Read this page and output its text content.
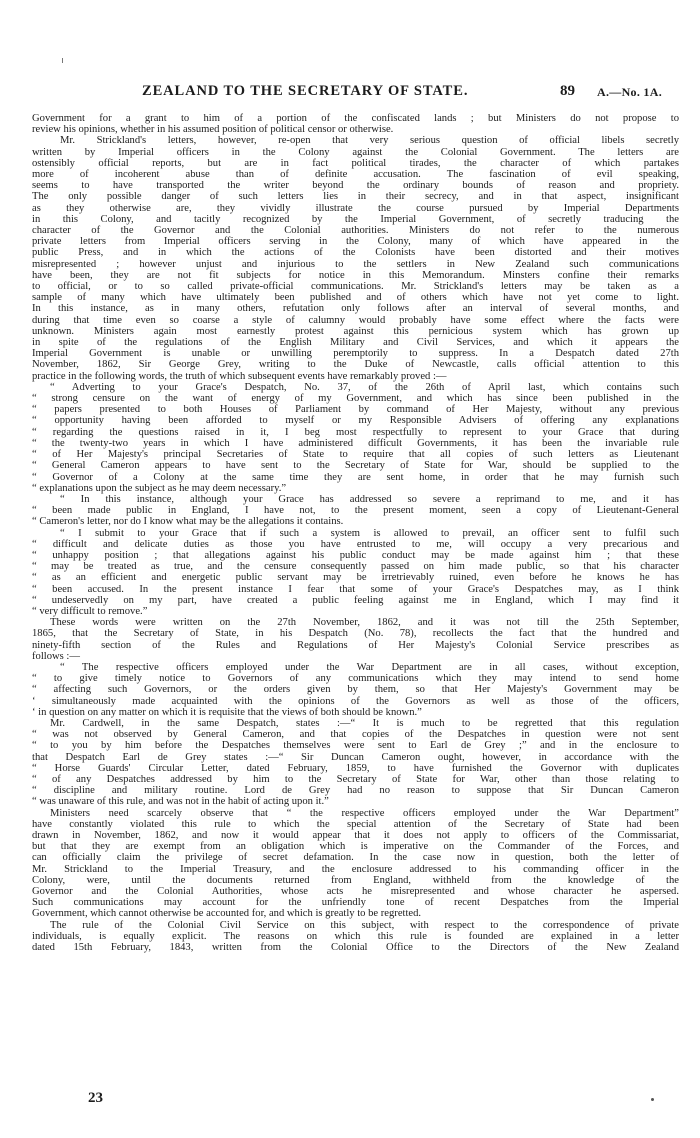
ZEALAND TO THE SECRETARY OF STATE.	89 A.—No. 1A.

Government for a grant to him of a portion of the confiscated lands ; but Ministers do not propose to

review his opinions, whether in his assumed position of political censor or otherwise.

Mr. Strickland's letters, however, re-open that very serious question of official libels secretly

written by Imperial officers in the Colony against the Colonial Government. The letters are

ostensibly official reports, but are in fact political tirades, the character of which partakes

more of incoherent abuse than of definite accusation. The fascination of evil speaking,

seems to have transported the writer beyond the ordinary bounds of reason and propriety.

The only possible danger of such letters lies in their secrecy, and in that aspect, insignificant

as they otherwise are, they vividly illustrate the course pursued by Imperial Departments

in this Colony, and tacitly recognized by the Imperial Government, of secretly traducing the

character of the Governor and the Colonial authorities. Ministers do not refer to the numerous

private letters from Imperial officers serving in the Colony, many of which have appeared in the

public Press, and in which the actions of the Colonists have been distorted and their motives

misrepresented ; however unjust and injurious to the settlers in New Zealand such communications

have been, they are not fit subjects for notice in this Memorandum. Minsters confine their remarks

to official, or to so called private-official communications. Mr. Strickland's letters may be taken as a

sample of many which have ultimately been published and of others which have not yet come to light.

In this instance, as in many others, refutation only follows after an interval of several months, and

during that time even so coarse a style of calumny would probably have some effect where the facts were

unknown. Ministers again most earnestly protest against this pernicious system which has grown up

in spite of the regulations of the English Military and Civil Services, and which it appears the

Imperial Government is unable or unwilling peremptorily to suppress. In a Despatch dated 27th

November, 1862, Sir George Grey, writing to the Duke of Newcastle, calls official attention to this

practice in the following words, the truth of which subsequent events have remarkably proved :—

“ Adverting to your Grace's Despatch, No. 37, of the 26th of April last, which contains such

“ strong censure on the want of energy of my Government, and which has since been published in the

“ papers presented to both Houses of Parliament by command of Her Majesty, without any previous

“ opportunity having been afforded to myself or my Responsible Advisers of offering any explanations

“ regarding the questions raised in it, I beg most respectfully to represent to your Grace that during

“ the twenty-two years in which I have administered difficult Governments, it has been the invariable rule

“ of Her Majesty's principal Secretaries of State to require that all copies of such letters as Lieutenant

“ General Cameron appears to have sent to the Secretary of State for War, should be supplied to the

“ Governor of a Colony at the same time they are sent home, in order that he may furnish such

“ explanations upon the subject as he may deem necessary.”

“ In this instance, although your Grace has addressed so severe a reprimand to me, and it has

“ been made public in England, I have not, to the present moment, seen a copy of Lieutenant-General

“ Cameron's letter, nor do I know what may be the allegations it contains.

“ I submit to your Grace that if such a system is allowed to prevail, an officer sent to fulfil such

“ difficult and delicate duties as those you have entrusted to me, will occupy a very precarious and

“ unhappy position ; that allegations against his public conduct may be made against him ; that these

“ may be treated as true, and the censure consequently passed on him made public, so that his character

“ as an efficient and energetic public servant may be irretrievably ruined, even before he knows he has

“ been accused. In the present instance I fear that some of your Grace's Despatches may, as I think

“ undeservedly on my part, have created a public feeling against me in England, which I may find it

“ very difficult to remove.”

These words were written on the 27th November, 1862, and it was not till the 25th September,

1865, that the Secretary of State, in his Despatch (No. 78), recollects the fact that the hundred and

ninety-fifth section of the Rules and Regulations of Her Majesty's Colonial Service prescribes as

follows :—

“ The respective officers employed under the War Department are in all cases, without exception,

“ to give timely notice to Governors of any communications which they may intend to send home

“ affecting such Governors, or the orders given by them, so that Her Majesty's Government may be

‘ simultaneously made acquainted with the opinions of the Governors as well as those of the officers,

‘ in question on any matter on which it is requisite that the views of both should be known.”

Mr. Cardwell, in the same Despatch, states :—“ It is much to be regretted that this regulation

“ was not observed by General Cameron, and that copies of the Despatches in question were not sent

“ to you by him before the Despatches themselves were sent to Earl de Grey ;” and in the enclosure to

that Despatch Earl de Grey states :—“ Sir Duncan Cameron ought, however, in accordance with the

“ Horse Guards' Circular Letter, dated February, 1859, to have furnished the Governor with duplicates

“ of any Despatches addressed by him to the Secretary of State for War, other than those relating to

“ discipline and military routine. Lord de Grey had no reason to suppose that Sir Duncan Cameron

“ was unaware of this rule, and was not in the habit of acting upon it.”

Ministers need scarcely observe that “ the respective officers employed under the War Department”

have constantly violated this rule to which the special attention of the Secretary of State had been

drawn in November, 1862, and now it would appear that it does not apply to officers of the Commissariat,

but that they are exempt from an obligation which is imperative on the Commander of the Forces, and

can officially claim the privilege of secret defamation. In the case now in question, both the letter of

Mr. Strickland to the Imperial Treasury, and the enclosure addressed to his commanding officer in the

Colony, were, until the documents returned from England, withheld from the knowledge of the

Governor and the Colonial Authorities, whose acts he misrepresented and whose character he aspersed.

Such communications may account for the unfriendly tone of recent Despatches from the Imperial

Government, which cannot otherwise be accounted for, and which is greatly to be regretted.

The rule of the Colonial Civil Service on this subject, with respect to the correspondence of private

individuals, is equally explicit. The reasons on which this rule is founded are explained in a letter

dated 15th February, 1843, written from the Colonial Office to the Directors of the New Zealand

23
